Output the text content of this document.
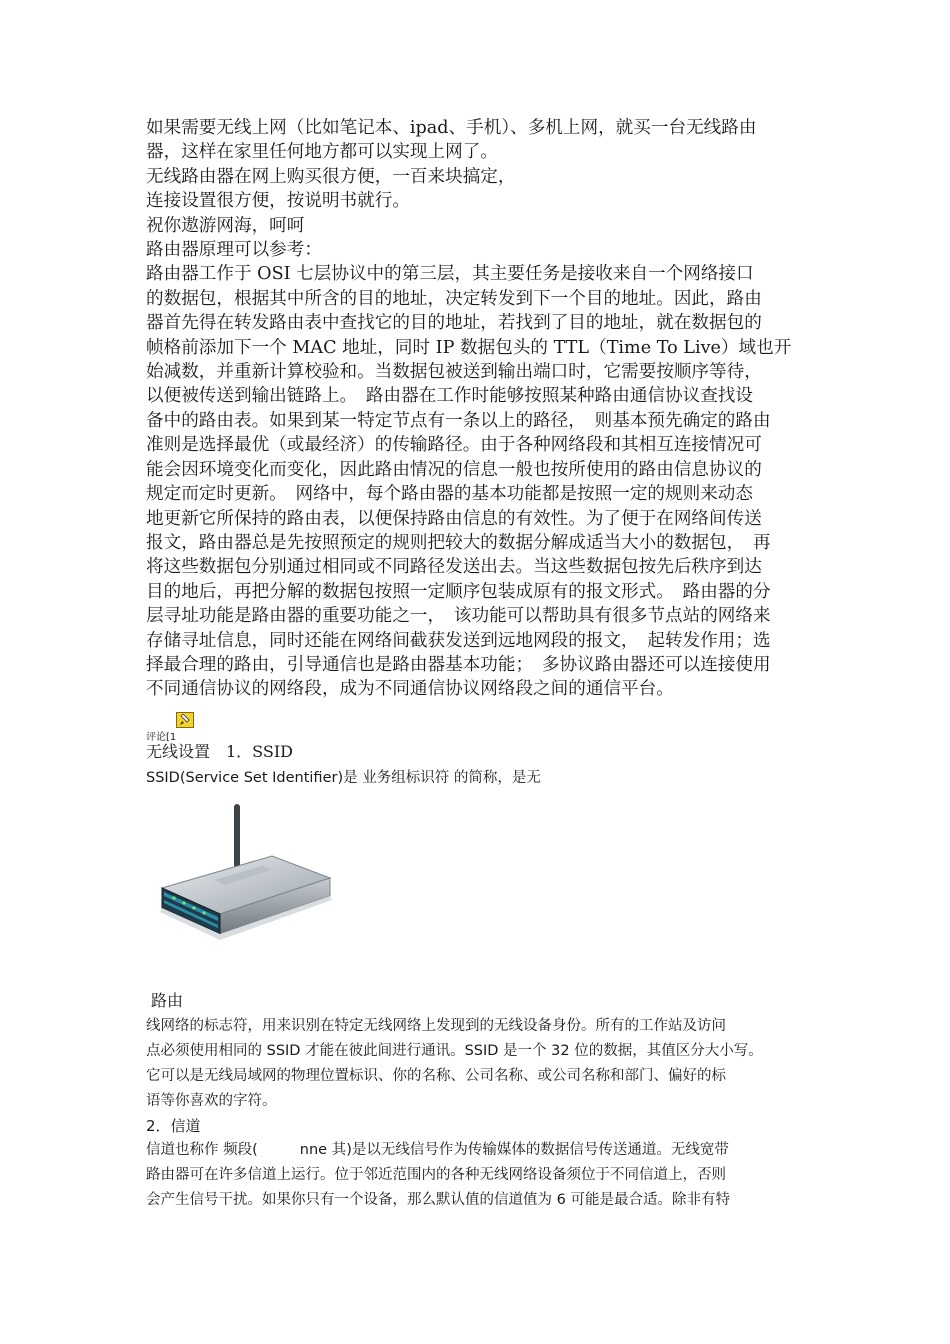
如果需要无线上网（比如笔记本、ipad、手机）、多机上网，就买一台无线路由
器，这样在家里任何地方都可以实现上网了。
无线路由器在网上购买很方便，一百来块搞定，
连接设置很方便，按说明书就行。
祝你遨游网海，呵呵
路由器原理可以参考：
路由器工作于 OSI 七层协议中的第三层，其主要任务是接收来自一个网络接口
的数据包，根据其中所含的目的地址，决定转发到下一个目的地址。因此，路由
器首先得在转发路由表中查找它的目的地址，若找到了目的地址，就在数据包的
帧格前添加下一个 MAC 地址，同时 IP 数据包头的 TTL（Time To Live）域也开
始减数，并重新计算校验和。当数据包被送到输出端口时，它需要按顺序等待，
以便被传送到输出链路上。　路由器在工作时能够按照某种路由通信协议查找设
备中的路由表。如果到某一特定节点有一条以上的路径，　则基本预先确定的路由
准则是选择最优（或最经济）的传输路径。由于各种网络段和其相互连接情况可
能会因环境变化而变化，因此路由情况的信息一般也按所使用的路由信息协议的
规定而定时更新。　网络中，每个路由器的基本功能都是按照一定的规则来动态
地更新它所保持的路由表，以便保持路由信息的有效性。为了便于在网络间传送
报文，路由器总是先按照预定的规则把较大的数据分解成适当大小的数据包，　再
将这些数据包分别通过相同或不同路径发送出去。当这些数据包按先后秩序到达
目的地后，再把分解的数据包按照一定顺序包装成原有的报文形式。　路由器的分
层寻址功能是路由器的重要功能之一，　该功能可以帮助具有很多节点站的网络来
存储寻址信息，同时还能在网络间截获发送到远地网段的报文，　起转发作用；选
择最合理的路由，引导通信也是路由器基本功能；　多协议路由器还可以连接使用
不同通信协议的网络段，成为不同通信协议网络段之间的通信平台。
评论[1
无线设置　1．SSID
SSID(Service Set Identifier)是 业务组标识符 的简称，是无
路由
线网络的标志符，用来识别在特定无线网络上发现到的无线设备身份。所有的工作站及访问
点必须使用相同的 SSID 才能在彼此间进行通讯。SSID 是一个 32 位的数据，其值区分大小写。
它可以是无线局域网的物理位置标识、你的名称、公司名称、或公司名称和部门、偏好的标
语等你喜欢的字符。
2．信道
信道也称作 频段(	nne 其)是以无线信号作为传输媒体的数据信号传送通道。无线宽带
路由器可在许多信道上运行。位于邻近范围内的各种无线网络设备须位于不同信道上，否则
会产生信号干扰。如果你只有一个设备，那么默认值的信道值为 6 可能是最合适。除非有特
